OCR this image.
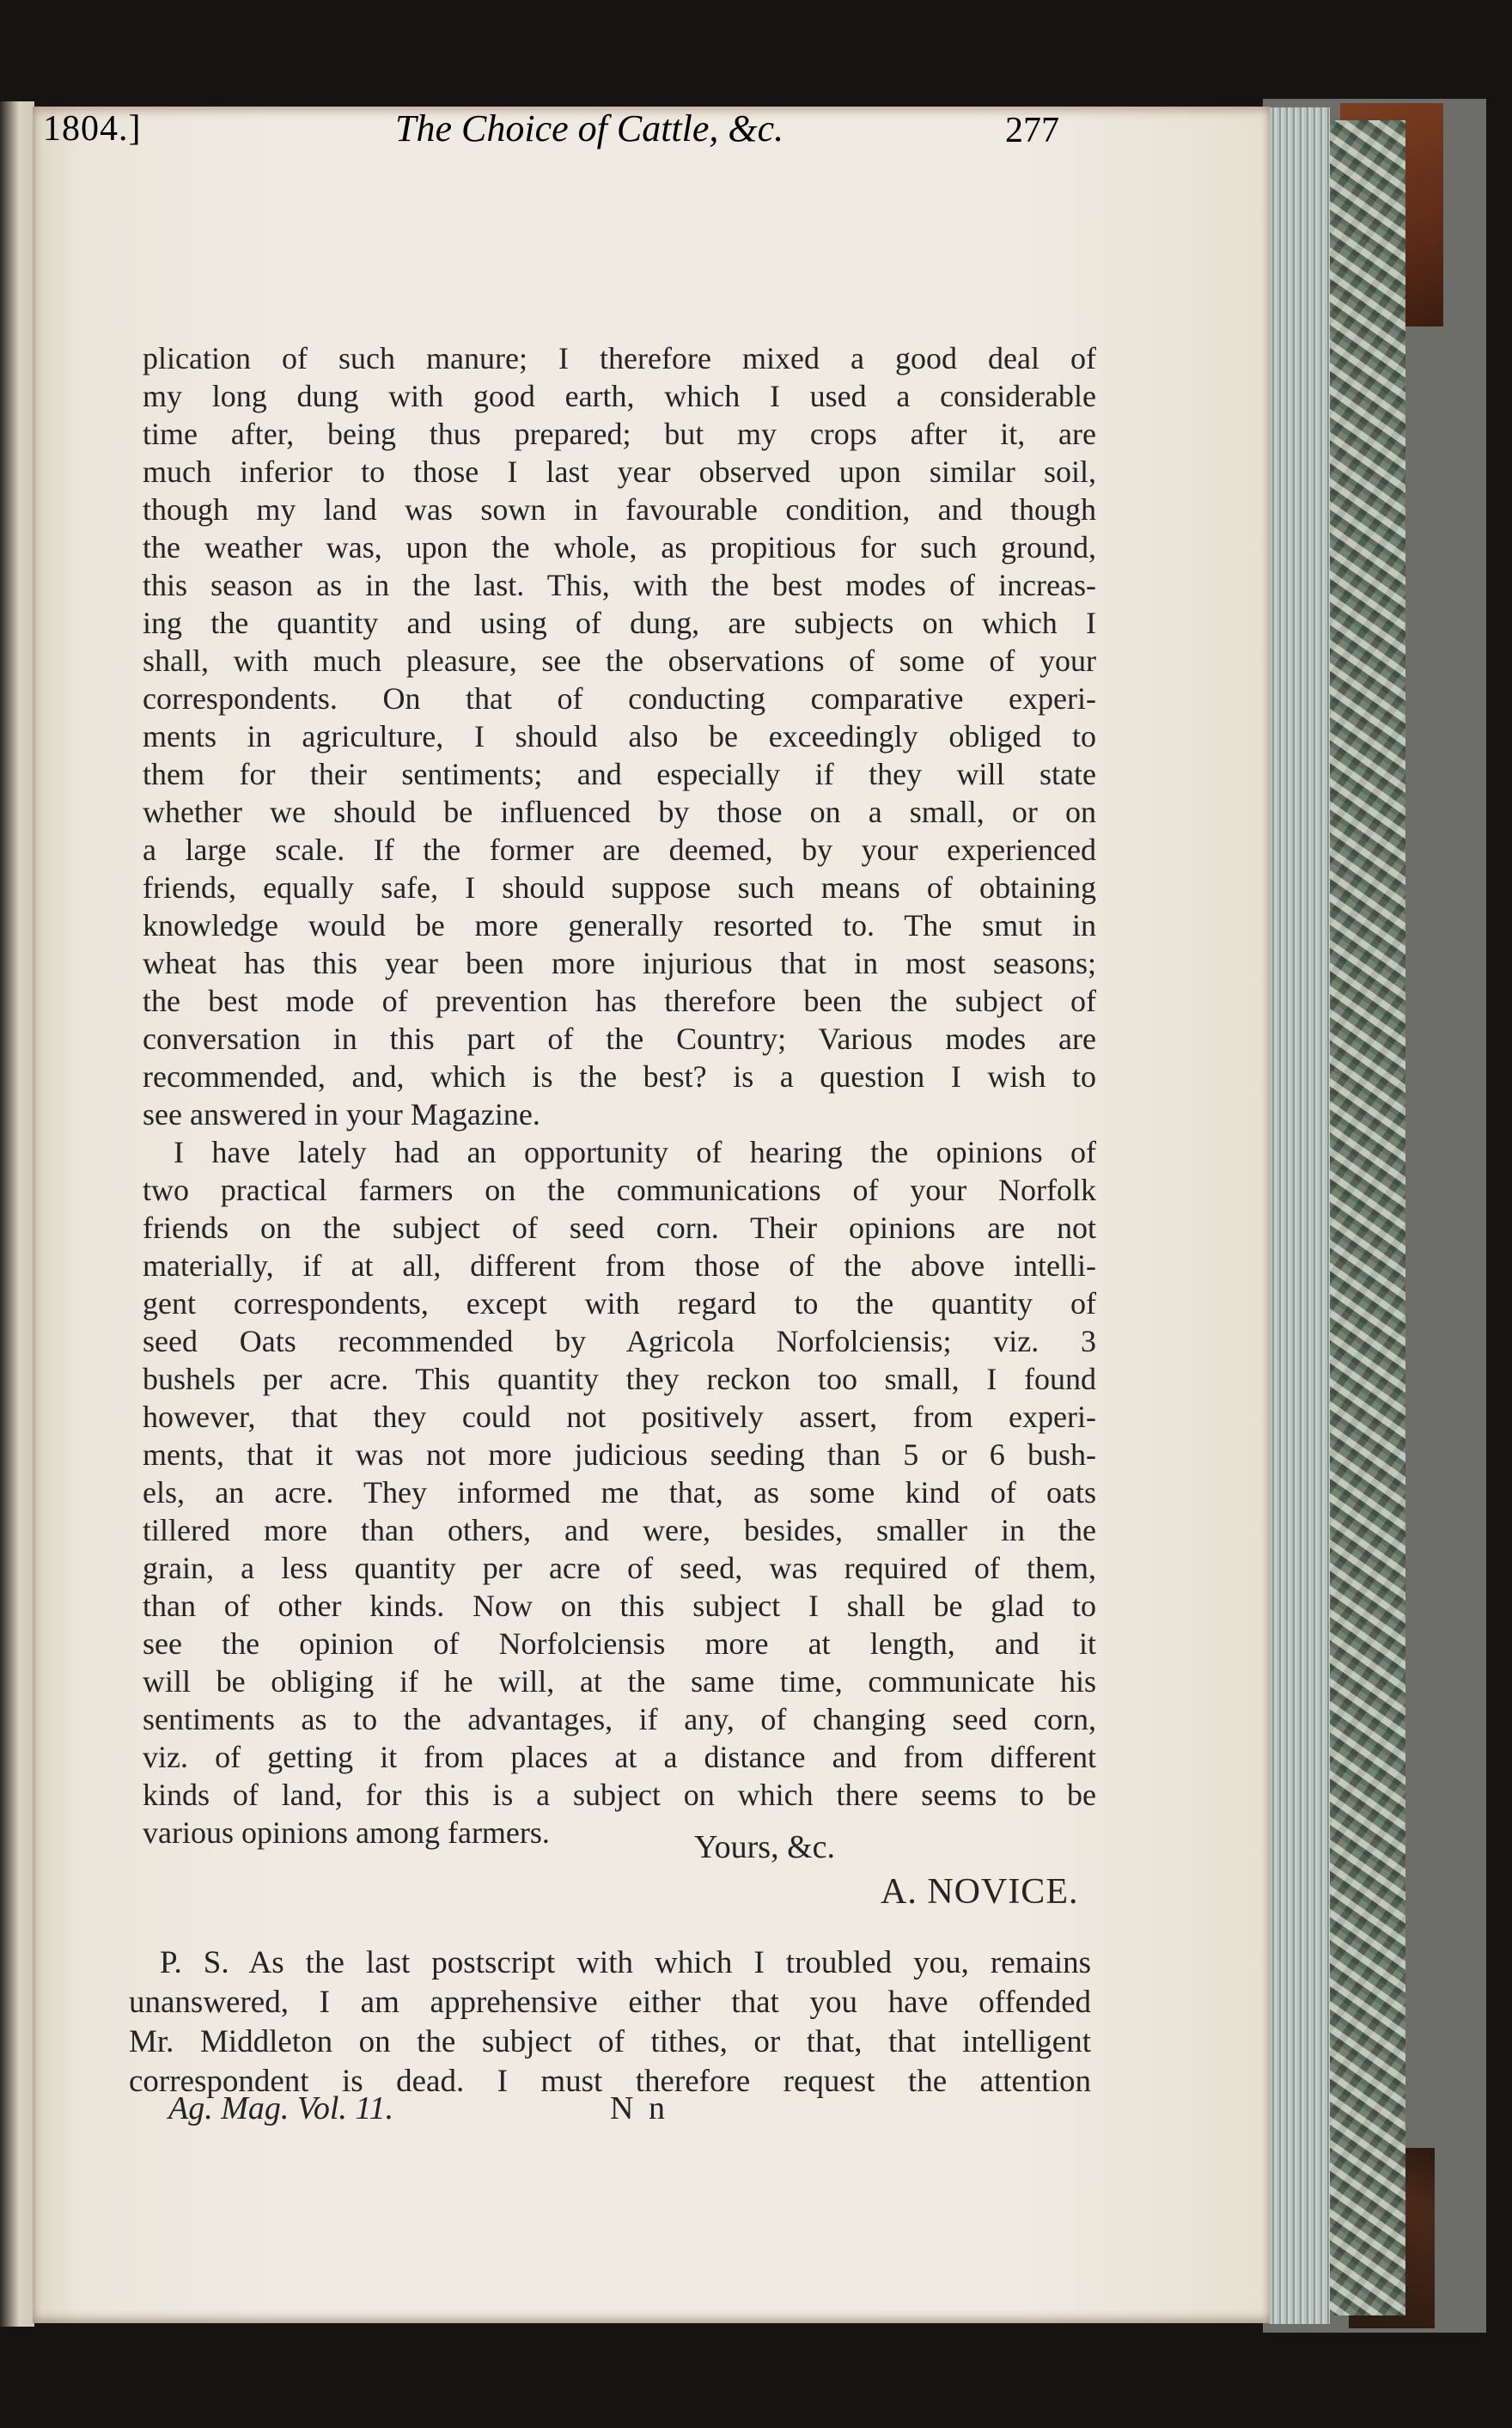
1804.]	The Choice of Cattle, &c.	277
plication of such manure; I therefore mixed a good deal of
my long dung with good earth, which I used a considerable
time after, being thus prepared; but my crops after it, are
much inferior to those I last year observed upon similar soil,
though my land was sown in favourable condition, and though
the weather was, upon the whole, as propitious for such ground,
this season as in the last. This, with the best modes of increas-
ing the quantity and using of dung, are subjects on which I
shall, with much pleasure, see the observations of some of your
correspondents. On that of conducting comparative experi-
ments in agriculture, I should also be exceedingly obliged to
them for their sentiments; and especially if they will state
whether we should be influenced by those on a small, or on
a large scale. If the former are deemed, by your experienced
friends, equally safe, I should suppose such means of obtaining
knowledge would be more generally resorted to. The smut in
wheat has this year been more injurious that in most seasons;
the best mode of prevention has therefore been the subject of
conversation in this part of the Country; Various modes are
recommended, and, which is the best? is a question I wish to
see answered in your Magazine.
I have lately had an opportunity of hearing the opinions of
two practical farmers on the communications of your Norfolk
friends on the subject of seed corn. Their opinions are not
materially, if at all, different from those of the above intelli-
gent correspondents, except with regard to the quantity of
seed Oats recommended by Agricola Norfolciensis; viz. 3
bushels per acre. This quantity they reckon too small, I found
however, that they could not positively assert, from experi-
ments, that it was not more judicious seeding than 5 or 6 bush-
els, an acre. They informed me that, as some kind of oats
tillered more than others, and were, besides, smaller in the
grain, a less quantity per acre of seed, was required of them,
than of other kinds. Now on this subject I shall be glad to
see the opinion of Norfolciensis more at length, and it
will be obliging if he will, at the same time, communicate his
sentiments as to the advantages, if any, of changing seed corn,
viz. of getting it from places at a distance and from different
kinds of land, for this is a subject on which there seems to be
various opinions among farmers.	Yours, &c.
A. NOVICE.
P. S. As the last postscript with which I troubled you, remains
unanswered, I am apprehensive either that you have offended
Mr. Middleton on the subject of tithes, or that, that intelligent
correspondent is dead. I must therefore request the attention
Ag. Mag. Vol. 11.	N n
